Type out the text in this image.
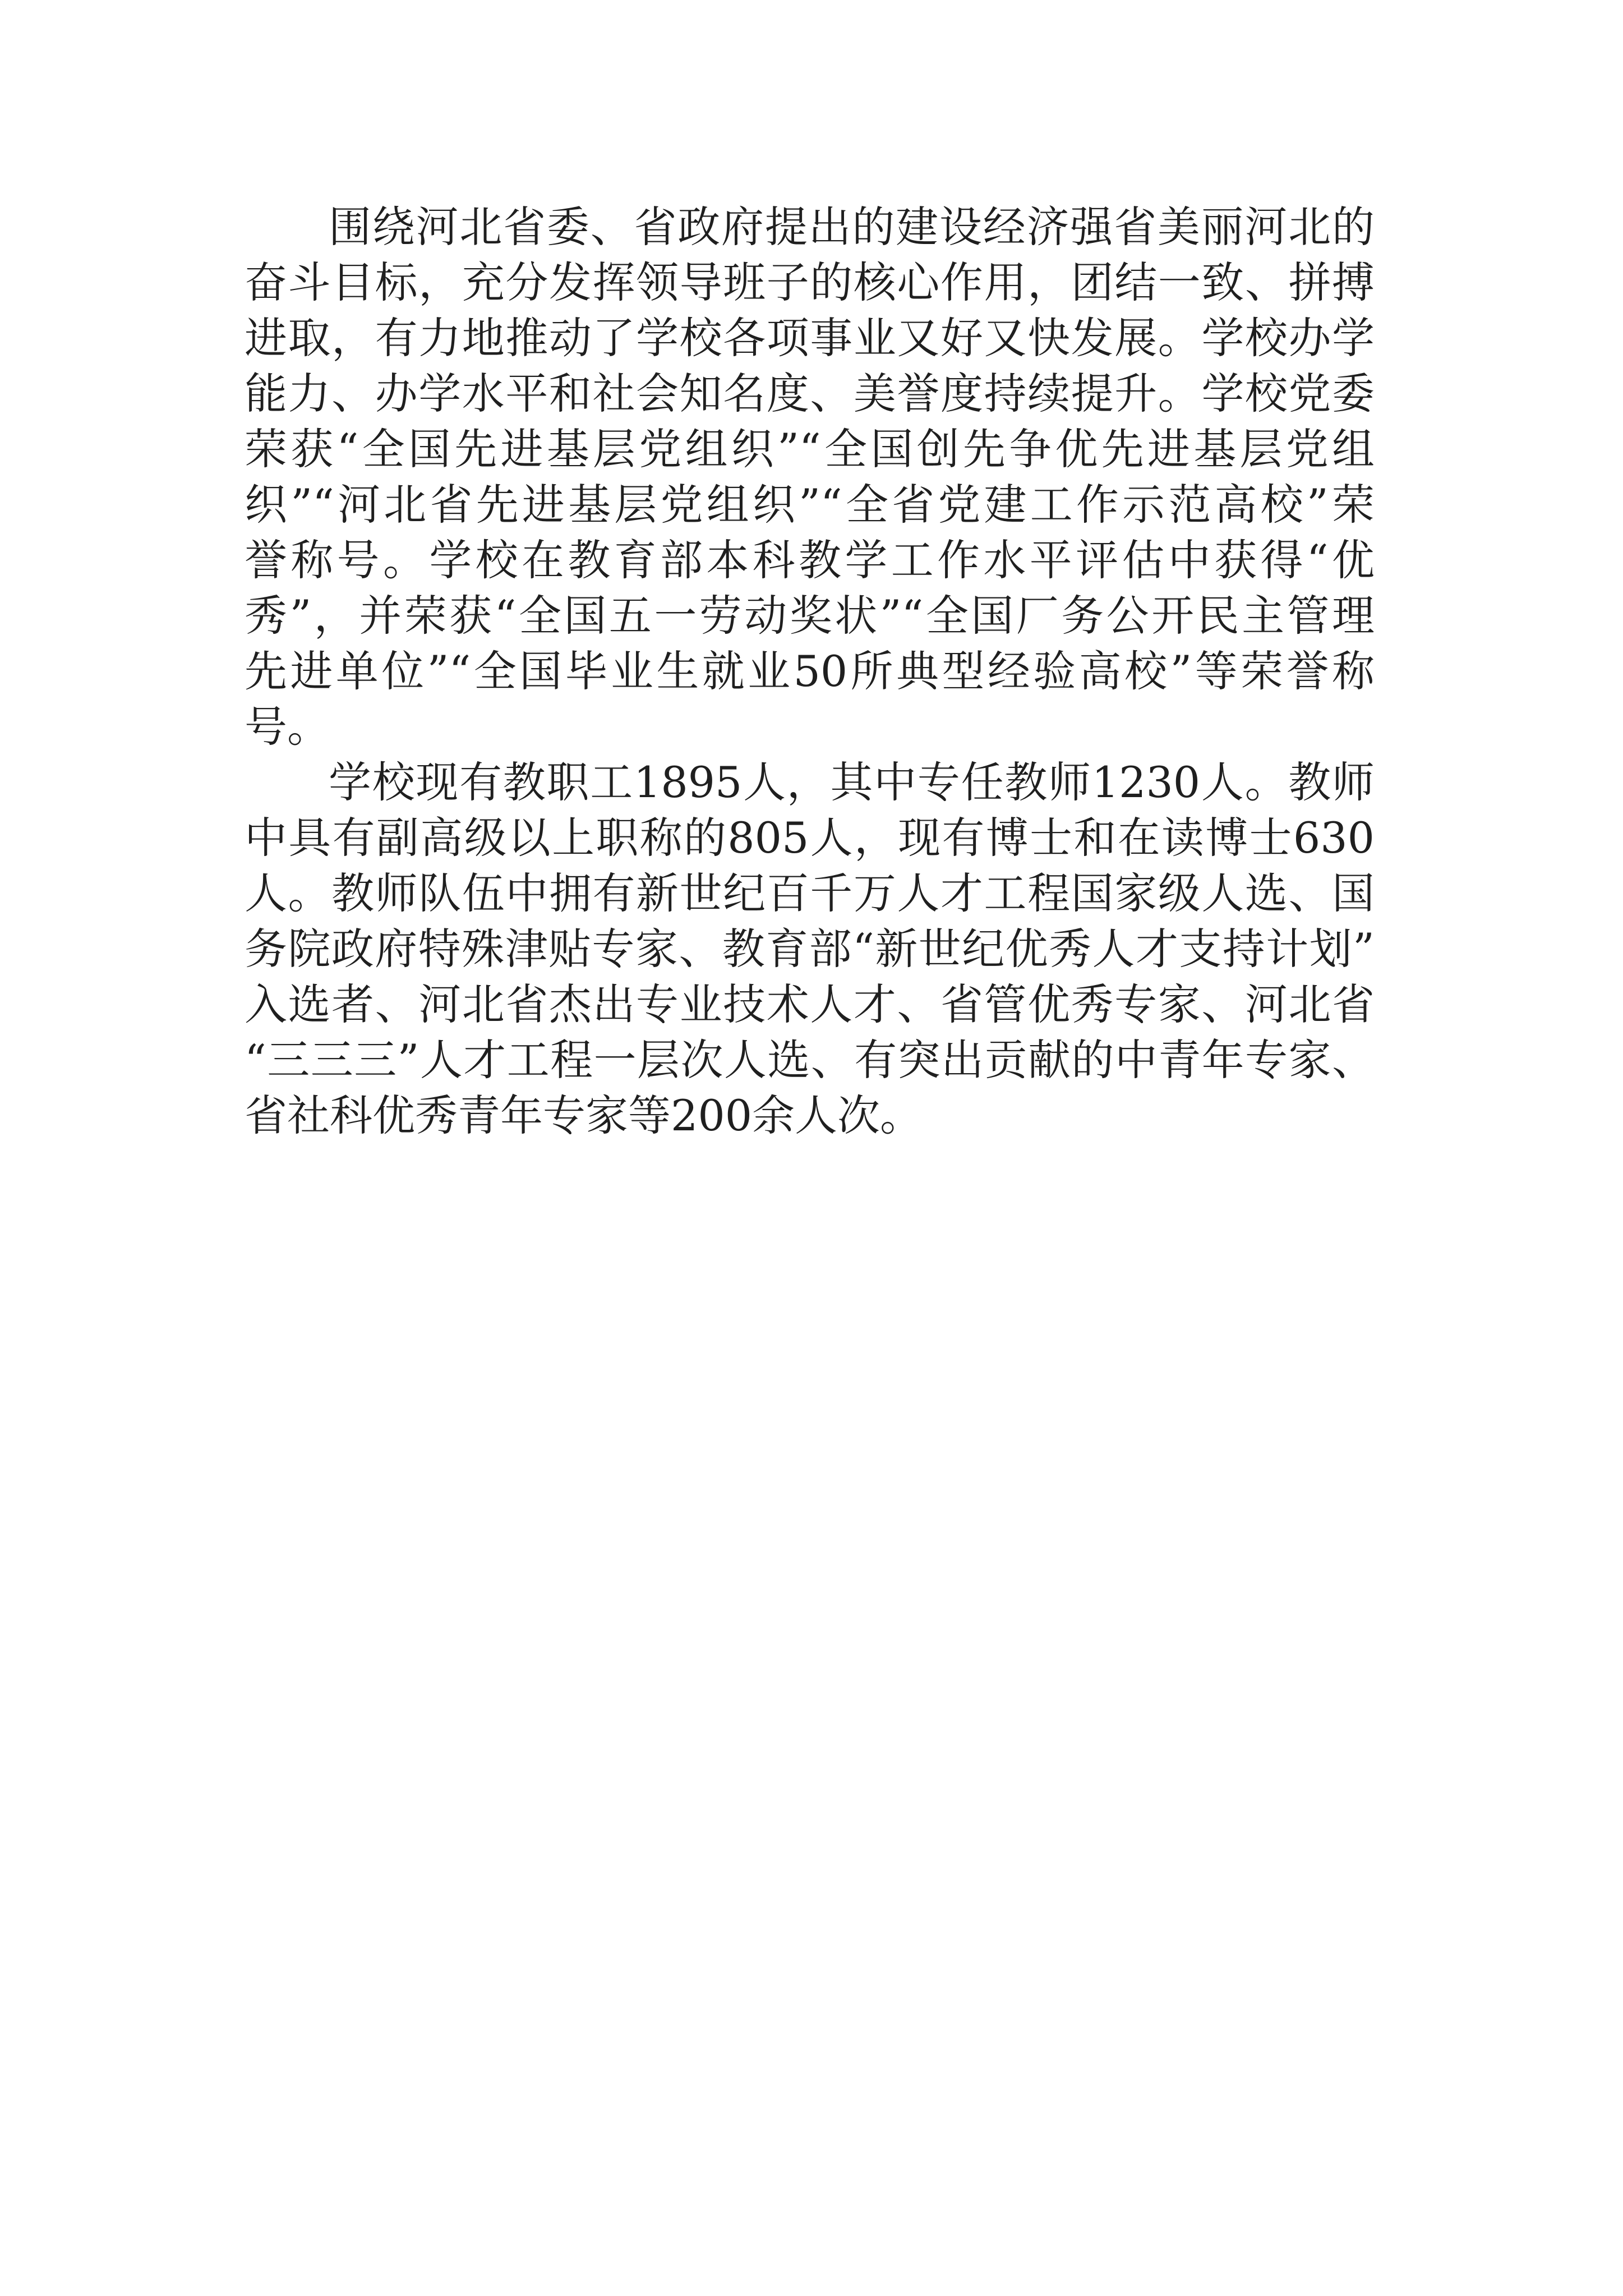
围绕河北省委、省政府提出的建设经济强省美丽河北的
奋斗目标，充分发挥领导班子的核心作用，团结一致、拼搏
进取，有力地推动了学校各项事业又好又快发展。学校办学
能力、办学水平和社会知名度、美誉度持续提升。学校党委
荣获“全国先进基层党组织”“全国创先争优先进基层党组
织”“河北省先进基层党组织”“全省党建工作示范高校”荣
誉称号。学校在教育部本科教学工作水平评估中获得“优
秀”，并荣获“全国五一劳动奖状”“全国厂务公开民主管理
先进单位”“全国毕业生就业50所典型经验高校”等荣誉称
号。
学校现有教职工1895人，其中专任教师1230人。教师
中具有副高级以上职称的805人，现有博士和在读博士630
人。教师队伍中拥有新世纪百千万人才工程国家级人选、国
务院政府特殊津贴专家、教育部“新世纪优秀人才支持计划”
入选者、河北省杰出专业技术人才、省管优秀专家、河北省
“三三三”人才工程一层次人选、有突出贡献的中青年专家、
省社科优秀青年专家等200余人次。
